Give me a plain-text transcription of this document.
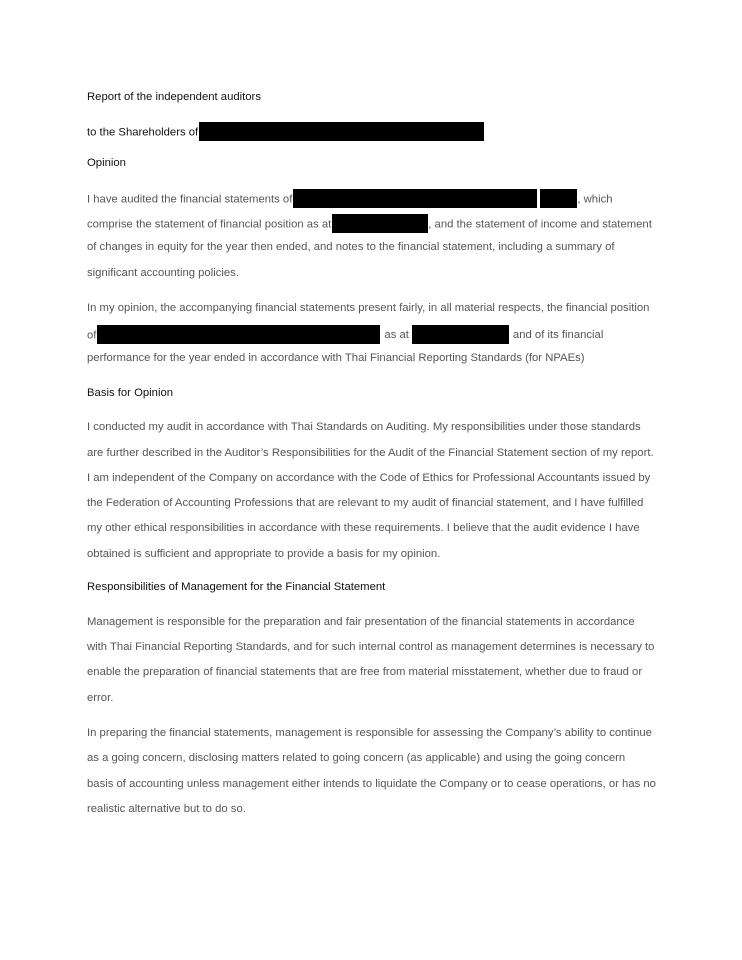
Report of the independent auditors
to the Shareholders of
Opinion
I have audited the financial statements of	, which
comprise the statement of financial position as at	, and the statement of income and statement
of changes in equity for the year then ended, and notes to the financial statement, including a summary of
significant accounting policies.
In my opinion, the accompanying financial statements present fairly, in all material respects, the financial position
of	as at	and of its financial
performance for the year ended in accordance with Thai Financial Reporting Standards (for NPAEs)
Basis for Opinion
I conducted my audit in accordance with Thai Standards on Auditing. My responsibilities under those standards
are further described in the Auditor’s Responsibilities for the Audit of the Financial Statement section of my report.
I am independent of the Company on accordance with the Code of Ethics for Professional Accountants issued by
the Federation of Accounting Professions that are relevant to my audit of financial statement, and I have fulfilled
my other ethical responsibilities in accordance with these requirements. I believe that the audit evidence I have
obtained is sufficient and appropriate to provide a basis for my opinion.
Responsibilities of Management for the Financial Statement
Management is responsible for the preparation and fair presentation of the financial statements in accordance
with Thai Financial Reporting Standards, and for such internal control as management determines is necessary to
enable the preparation of financial statements that are free from material misstatement, whether due to fraud or
error.
In preparing the financial statements, management is responsible for assessing the Company’s ability to continue
as a going concern, disclosing matters related to going concern (as applicable) and using the going concern
basis of accounting unless management either intends to liquidate the Company or to cease operations, or has no
realistic alternative but to do so.
